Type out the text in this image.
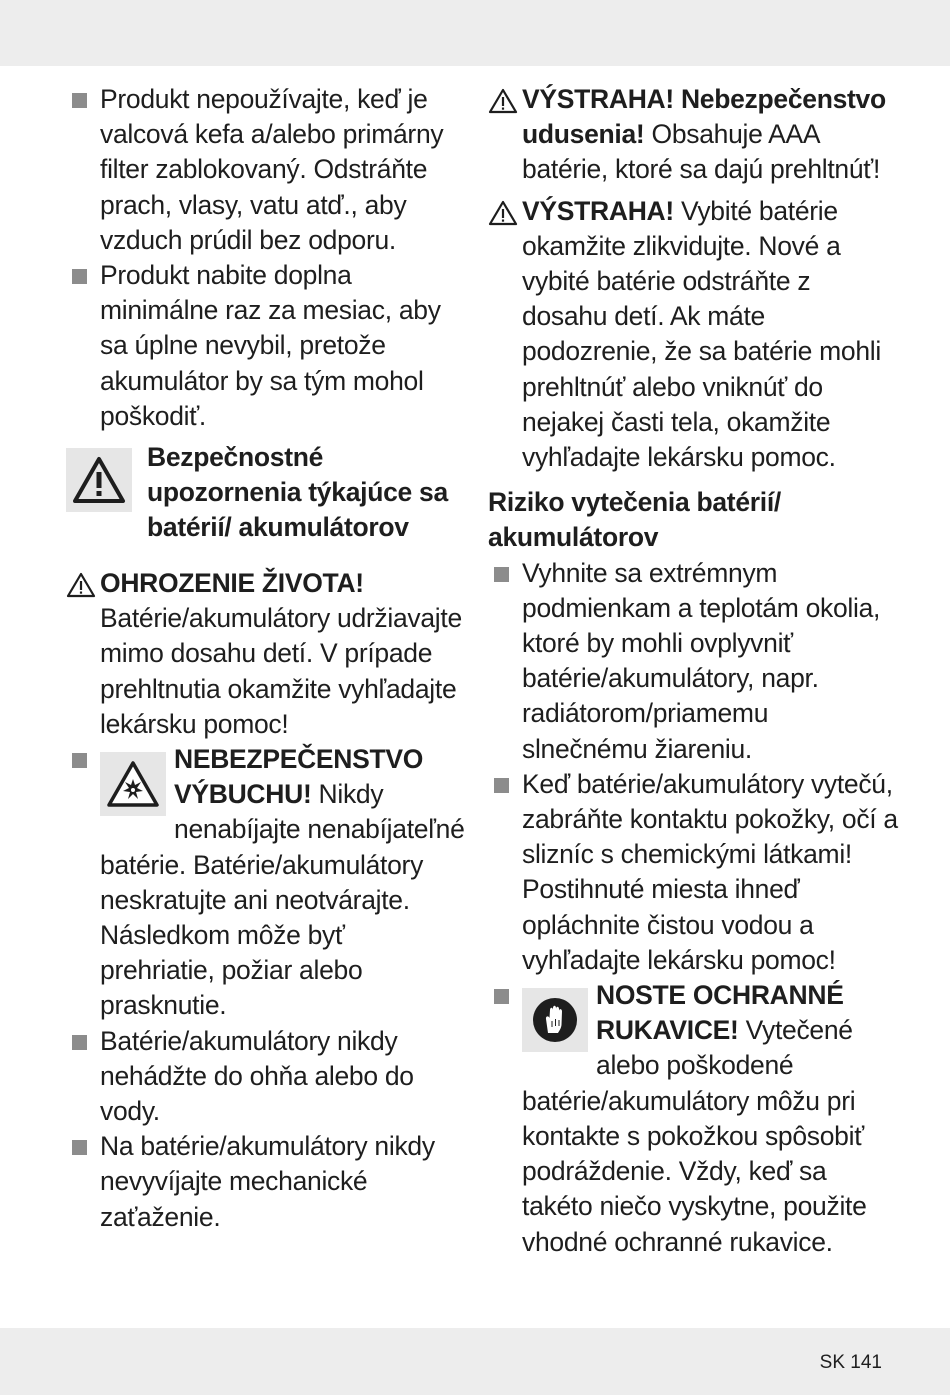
Produkt nepoužívajte, keď je valcová kefa a/alebo primárny filter zablokovaný. Odstráňte prach, vlasy, vatu atď., aby vzduch prúdil bez odporu.
Produkt nabite doplna minimálne raz za mesiac, aby sa úplne nevybil, pretože akumulátor by sa tým mohol poškodiť.
Bezpečnostné upozornenia týkajúce sa batérií/ akumulátorov
OHROZENIE ŽIVOTA!
Batérie/akumulátory udržiavajte mimo dosahu detí. V prípade prehltnutia okamžite vyhľadajte lekársku pomoc!
NEBEZPEČENSTVO VÝBUCHU! Nikdy nenabíjajte nenabíjateľné batérie. Batérie/akumulátory neskratujte ani neotvárajte. Následkom môže byť prehriatie, požiar alebo prasknutie.
Batérie/akumulátory nikdy nehádžte do ohňa alebo do vody.
Na batérie/akumulátory nikdy nevyvíjajte mechanické zaťaženie.
VÝSTRAHA! Nebezpečenstvo udusenia! Obsahuje AAA batérie, ktoré sa dajú prehltnúť!
VÝSTRAHA! Vybité batérie okamžite zlikvidujte. Nové a vybité batérie odstráňte z dosahu detí. Ak máte podozrenie, že sa batérie mohli prehltnúť alebo vniknúť do nejakej časti tela, okamžite vyhľadajte lekársku pomoc.
Riziko vytečenia batérií/ akumulátorov
Vyhnite sa extrémnym podmienkam a teplotám okolia, ktoré by mohli ovplyvniť batérie/akumulátory, napr. radiátorom/priamemu slnečnému žiareniu.
Keď batérie/akumulátory vytečú, zabráňte kontaktu pokožky, očí a slizníc s chemickými látkami! Postihnuté miesta ihneď opláchnite čistou vodou a vyhľadajte lekársku pomoc!
NOSTE OCHRANNÉ RUKAVICE! Vytečené alebo poškodené batérie/akumulátory môžu pri kontakte s pokožkou spôsobiť podráždenie. Vždy, keď sa takéto niečo vyskytne, použite vhodné ochranné rukavice.
SK 141
